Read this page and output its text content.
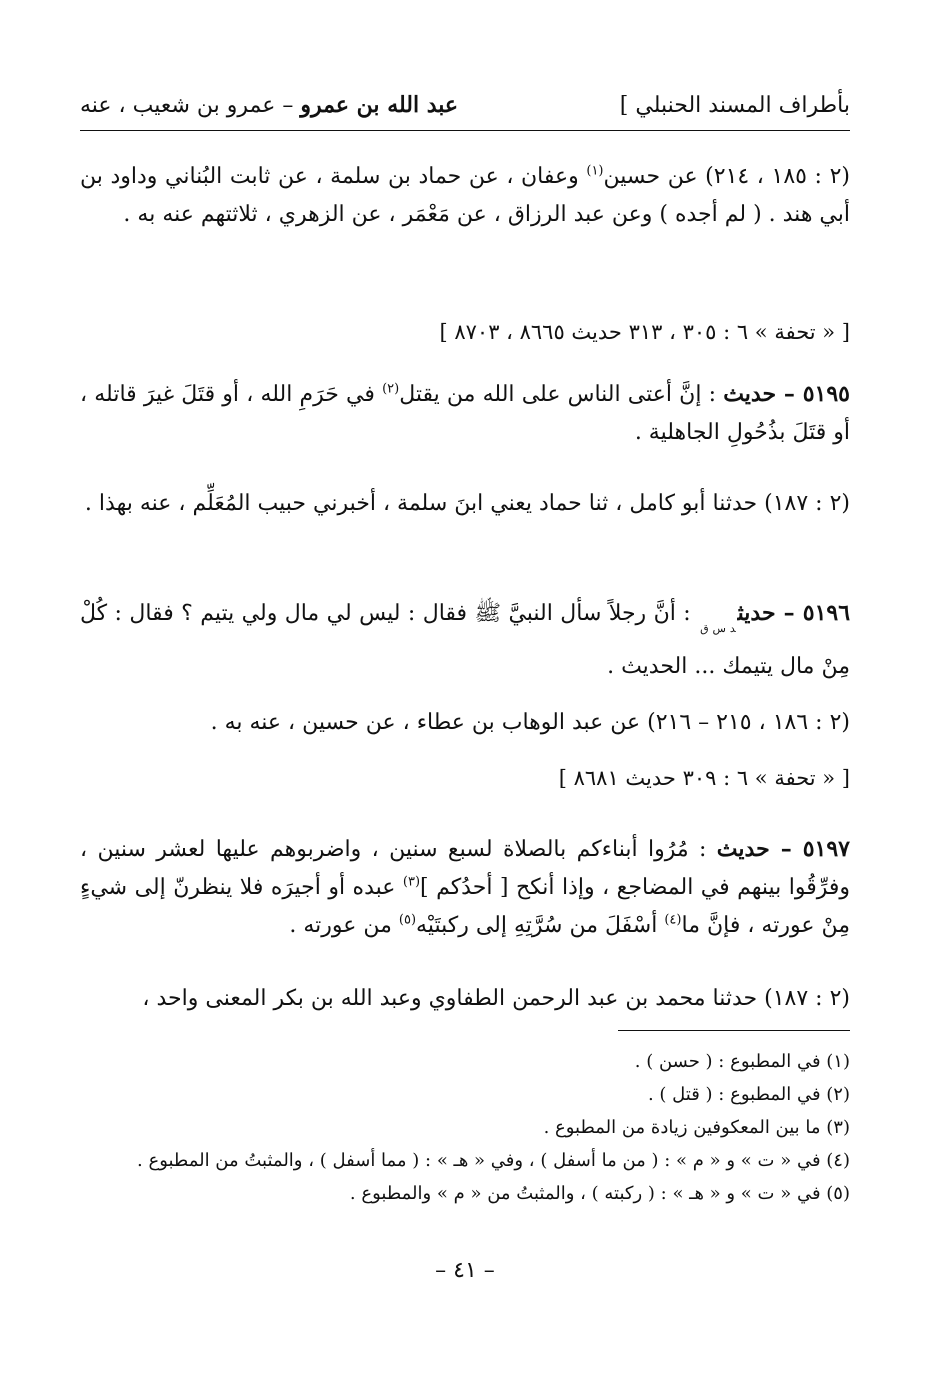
بأطراف المسند الحنبلي ]
عبد الله بن عمرو – عمرو بن شعيب ، عنه
(٢ : ١٨٥ ، ٢١٤) عن حسين$^{(١)}$ وعفان ، عن حماد بن سلمة ، عن ثابت البُناني وداود بن أبي هند . ( لم أجده ) وعن عبد الرزاق ، عن مَعْمَر ، عن الزهري ، ثلاثتهم عنه به .
[ « تحفة » ٦ : ٣٠٥ ، ٣١٣ حديث ٨٦٦٥ ، ٨٧٠٣ ]
٥١٩٥ – حديث : إنَّ أعتى الناس على الله من يقتل$^{(٢)}$ في حَرَمِ الله ، أو قتَلَ غيرَ قاتله ، أو قتَلَ بذُحُولِ الجاهلية .
(٢ : ١٨٧) حدثنا أبو كامل ، ثنا حماد يعني ابنَ سلمة ، أخبرني حبيب المُعَلِّم ، عنه بهذا .
٥١٩٦ – حديث$_{د س ق}$ : أنَّ رجلاً سأل النبيَّ ﷺ فقال : ليس لي مال ولي يتيم ؟ فقال : كُلْ مِنْ مال يتيمك ... الحديث .
(٢ : ١٨٦ ، ٢١٥ – ٢١٦) عن عبد الوهاب بن عطاء ، عن حسين ، عنه به .
[ « تحفة » ٦ : ٣٠٩ حديث ٨٦٨١ ]
٥١٩٧ – حديث : مُرُوا أبناءكم بالصلاة لسبع سنين ، واضربوهم عليها لعشر سنين ، وفرِّقُوا بينهم في المضاجع ، وإذا أنكح [ أحدُكم ]$^{(٣)}$ عبده أو أجيرَه فلا ينظرنّ إلى شيءٍ مِنْ عورته ، فإنَّ ما$^{(٤)}$ أسْفَلَ من سُرَّتِهِ إلى ركبتَيْه$^{(٥)}$ من عورته .
(٢ : ١٨٧) حدثنا محمد بن عبد الرحمن الطفاوي وعبد الله بن بكر المعنى واحد ،
(١) في المطبوع : ( حسن ) .
(٢) في المطبوع : ( قتل ) .
(٣) ما بين المعكوفين زيادة من المطبوع .
(٤) في « ت » و « م » : ( من ما أسفل ) ، وفي « هـ » : ( مما أسفل ) ، والمثبتُ من المطبوع .
(٥) في « ت » و « هـ » : ( ركبته ) ، والمثبتُ من « م » والمطبوع .
– ٤١ –
